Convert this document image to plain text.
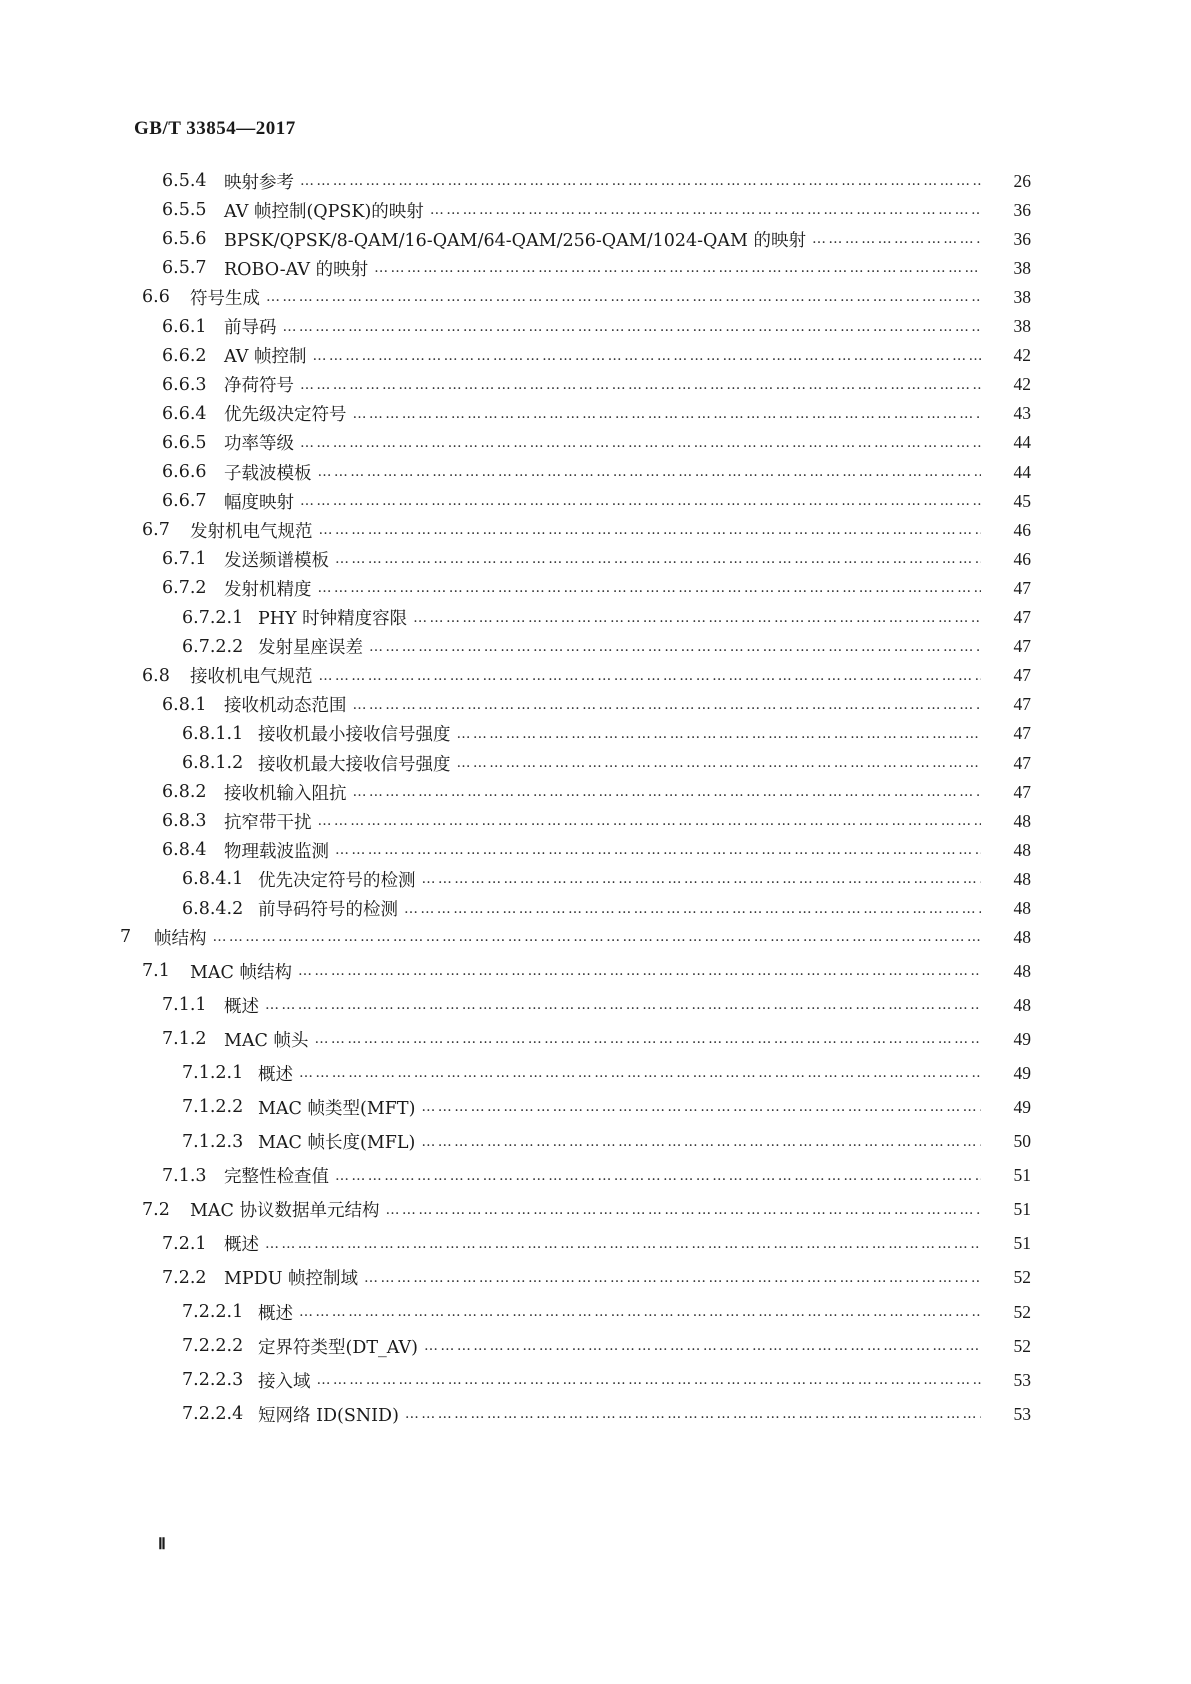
GB/T 33854—2017
6.5.4 映射参考 ……………………………………………………………………………………………………………………………………………………………………………………………………………………………………………………………	26
6.5.5 AV 帧控制(QPSK)的映射 ……………………………………………………………………………………………………………………………………………………………………………………………………………………………………………………………	36
6.5.6 BPSK/QPSK/8-QAM/16-QAM/64-QAM/256-QAM/1024-QAM 的映射 ……………………………………………………………………………………………………………………………………………………………………………………………………………………………………………………………	36
6.5.7 ROBO-AV 的映射 ……………………………………………………………………………………………………………………………………………………………………………………………………………………………………………………………	38
6.6	符号生成 ……………………………………………………………………………………………………………………………………………………………………………………………………………………………………………………………	38
6.6.1 前导码 ……………………………………………………………………………………………………………………………………………………………………………………………………………………………………………………………	38
6.6.2 AV 帧控制 ……………………………………………………………………………………………………………………………………………………………………………………………………………………………………………………………	42
6.6.3 净荷符号 ……………………………………………………………………………………………………………………………………………………………………………………………………………………………………………………………	42
6.6.4 优先级决定符号 ……………………………………………………………………………………………………………………………………………………………………………………………………………………………………………………………	43
6.6.5 功率等级 ……………………………………………………………………………………………………………………………………………………………………………………………………………………………………………………………	44
6.6.6 子载波模板 ……………………………………………………………………………………………………………………………………………………………………………………………………………………………………………………………	44
6.6.7 幅度映射 ……………………………………………………………………………………………………………………………………………………………………………………………………………………………………………………………	45
6.7	发射机电气规范 ……………………………………………………………………………………………………………………………………………………………………………………………………………………………………………………………	46
6.7.1 发送频谱模板 ……………………………………………………………………………………………………………………………………………………………………………………………………………………………………………………………	46
6.7.2 发射机精度 ……………………………………………………………………………………………………………………………………………………………………………………………………………………………………………………………	47
6.7.2.1 PHY 时钟精度容限 ……………………………………………………………………………………………………………………………………………………………………………………………………………………………………………………………	47
6.7.2.2 发射星座误差 ……………………………………………………………………………………………………………………………………………………………………………………………………………………………………………………………	47
6.8	接收机电气规范 ……………………………………………………………………………………………………………………………………………………………………………………………………………………………………………………………	47
6.8.1 接收机动态范围 ……………………………………………………………………………………………………………………………………………………………………………………………………………………………………………………………	47
6.8.1.1 接收机最小接收信号强度 ……………………………………………………………………………………………………………………………………………………………………………………………………………………………………………………………	47
6.8.1.2 接收机最大接收信号强度 ……………………………………………………………………………………………………………………………………………………………………………………………………………………………………………………………	47
6.8.2 接收机输入阻抗 ……………………………………………………………………………………………………………………………………………………………………………………………………………………………………………………………	47
6.8.3 抗窄带干扰 ……………………………………………………………………………………………………………………………………………………………………………………………………………………………………………………………	48
6.8.4 物理载波监测 ……………………………………………………………………………………………………………………………………………………………………………………………………………………………………………………………	48
6.8.4.1 优先决定符号的检测 ……………………………………………………………………………………………………………………………………………………………………………………………………………………………………………………………	48
6.8.4.2 前导码符号的检测 ……………………………………………………………………………………………………………………………………………………………………………………………………………………………………………………………	48
7	帧结构 ……………………………………………………………………………………………………………………………………………………………………………………………………………………………………………………………	48
7.1	MAC 帧结构 ……………………………………………………………………………………………………………………………………………………………………………………………………………………………………………………………	48
7.1.1 概述 ……………………………………………………………………………………………………………………………………………………………………………………………………………………………………………………………	48
7.1.2 MAC 帧头 ……………………………………………………………………………………………………………………………………………………………………………………………………………………………………………………………	49
7.1.2.1 概述 ……………………………………………………………………………………………………………………………………………………………………………………………………………………………………………………………	49
7.1.2.2 MAC 帧类型(MFT) ……………………………………………………………………………………………………………………………………………………………………………………………………………………………………………………………	49
7.1.2.3 MAC 帧长度(MFL) ……………………………………………………………………………………………………………………………………………………………………………………………………………………………………………………………	50
7.1.3 完整性检查值 ……………………………………………………………………………………………………………………………………………………………………………………………………………………………………………………………	51
7.2	MAC 协议数据单元结构 ……………………………………………………………………………………………………………………………………………………………………………………………………………………………………………………………	51
7.2.1 概述 ……………………………………………………………………………………………………………………………………………………………………………………………………………………………………………………………	51
7.2.2 MPDU 帧控制域 ……………………………………………………………………………………………………………………………………………………………………………………………………………………………………………………………	52
7.2.2.1 概述 ……………………………………………………………………………………………………………………………………………………………………………………………………………………………………………………………	52
7.2.2.2 定界符类型(DT_AV) ……………………………………………………………………………………………………………………………………………………………………………………………………………………………………………………………	52
7.2.2.3 接入域 ……………………………………………………………………………………………………………………………………………………………………………………………………………………………………………………………	53
7.2.2.4 短网络 ID(SNID) ……………………………………………………………………………………………………………………………………………………………………………………………………………………………………………………………	53
Ⅱ
